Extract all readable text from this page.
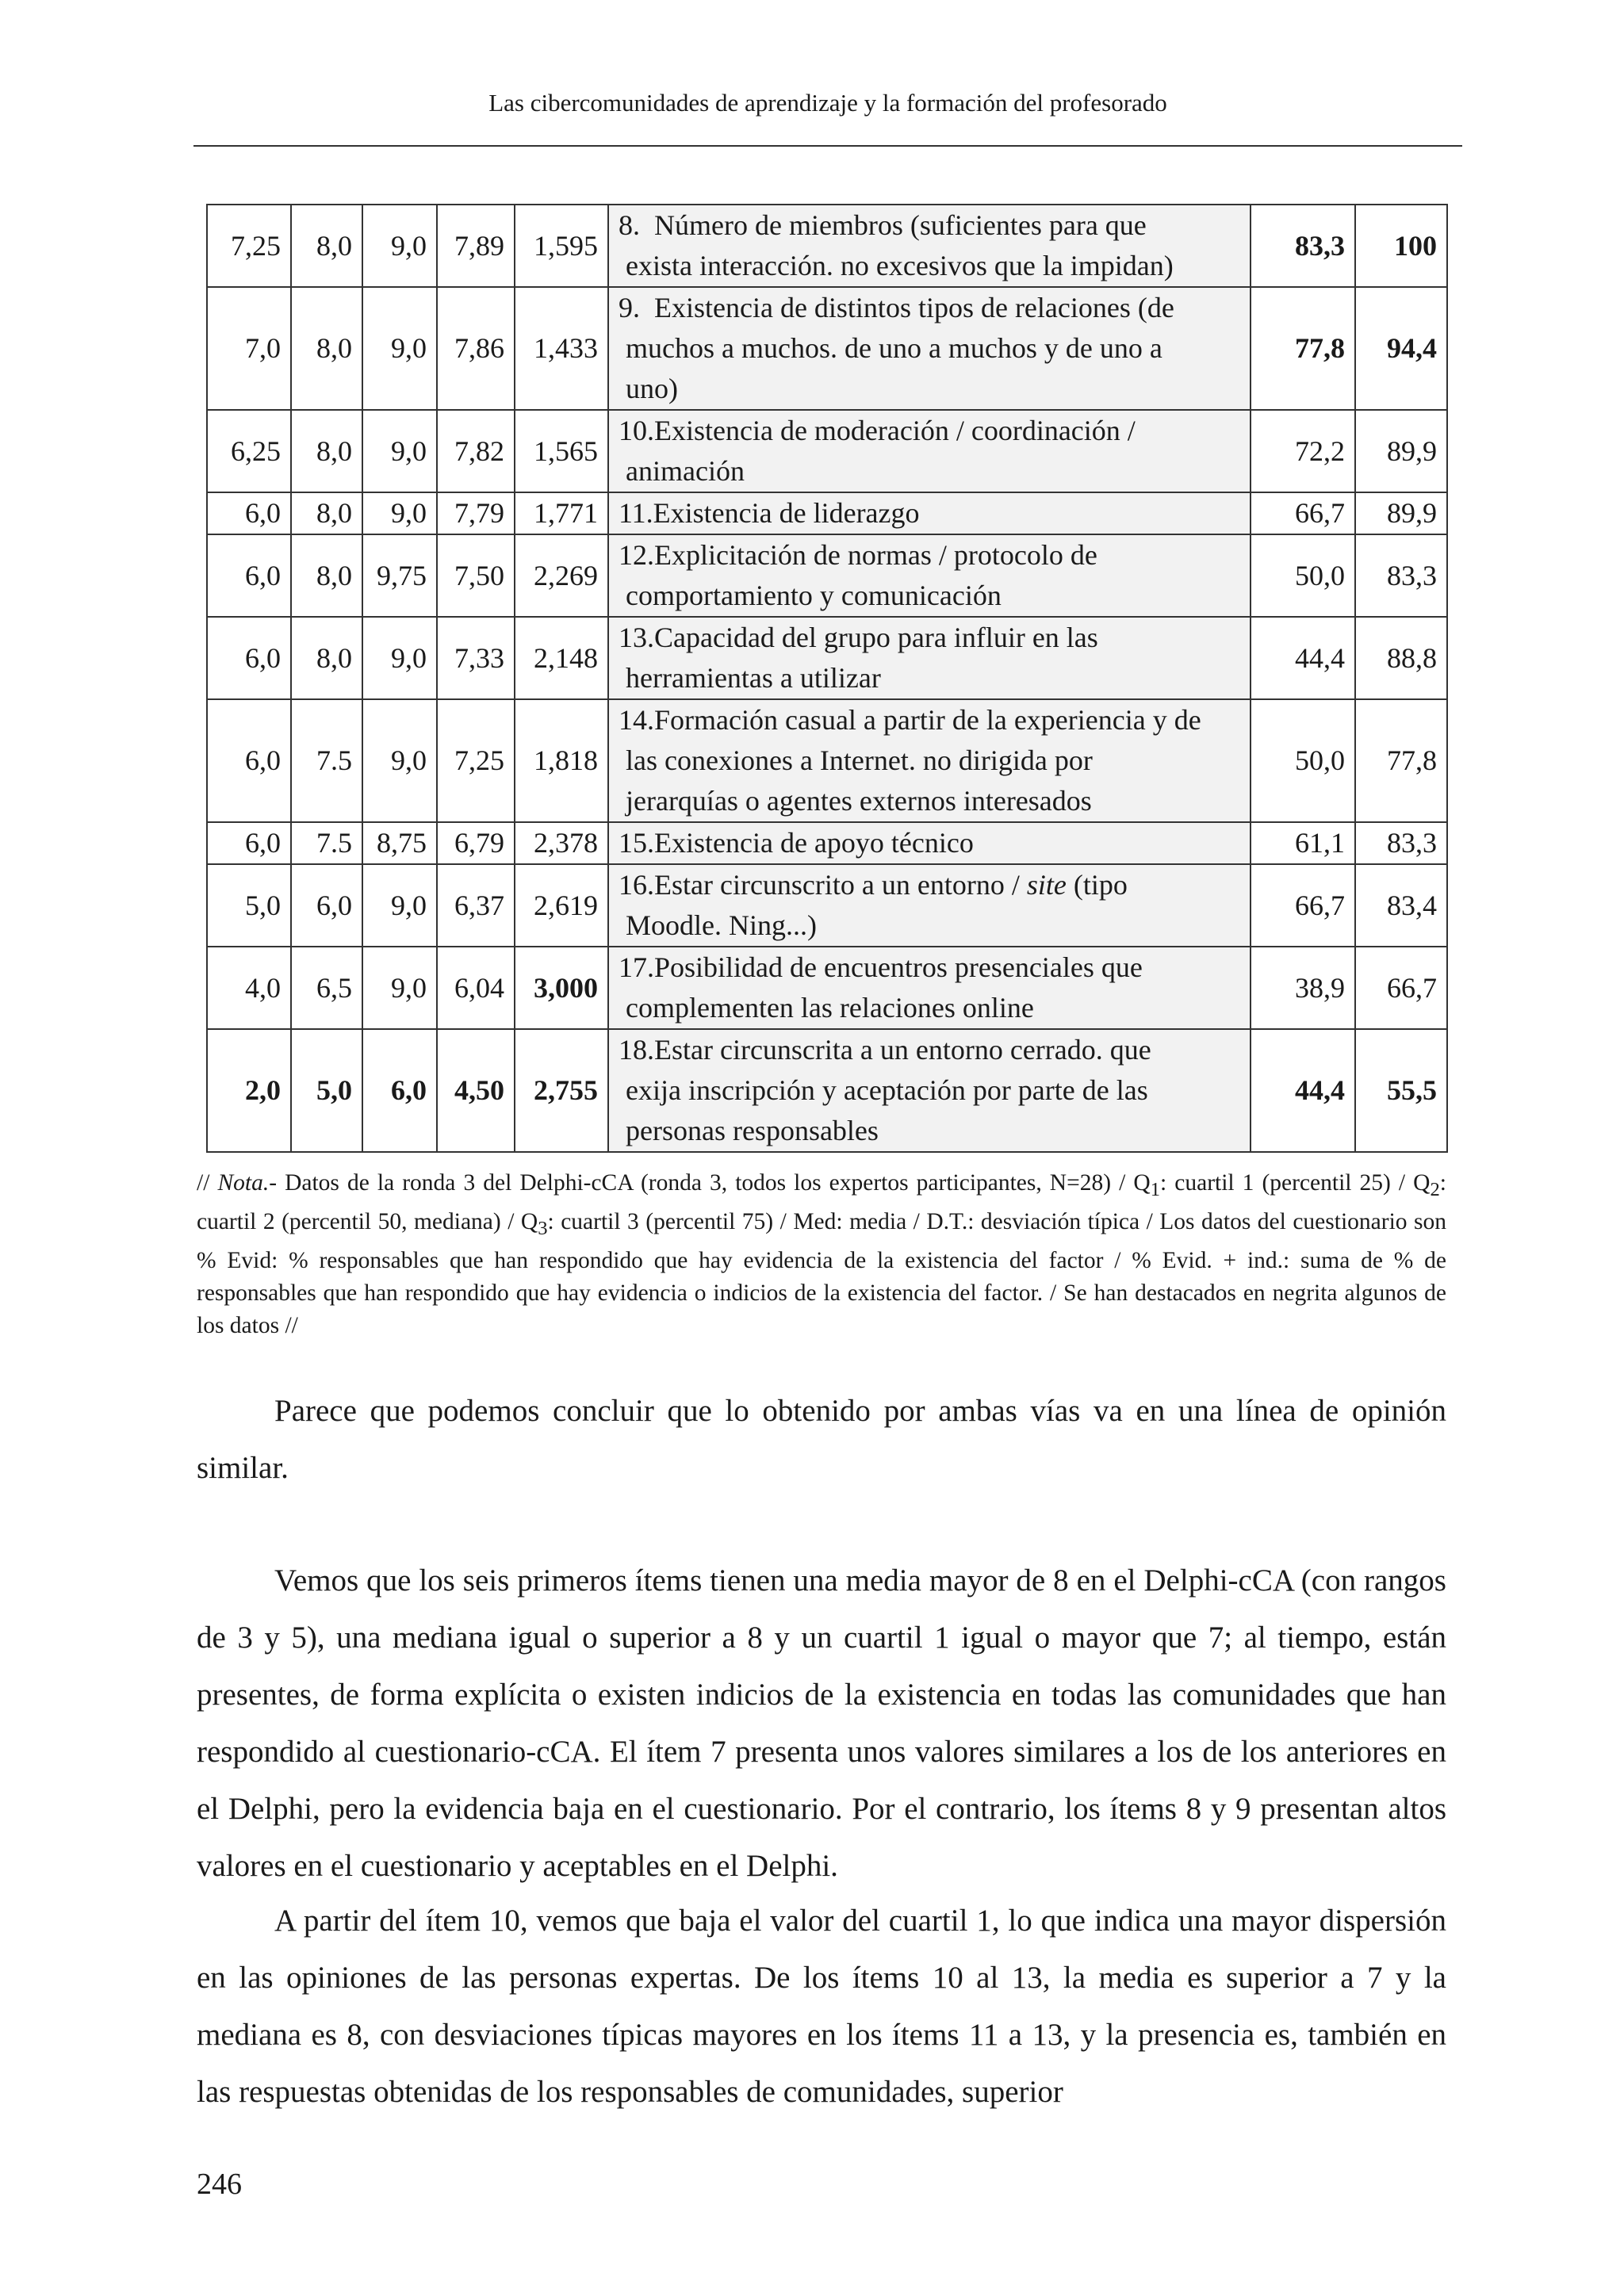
Las cibercomunidades de aprendizaje y la formación del profesorado
7,25	8,0	9,0	7,89	1,595	8.  Número de miembros (suficientes para que
exista interacción. no excesivos que la impidan)	83,3	100
7,0	8,0	9,0	7,86	1,433	9.  Existencia de distintos tipos de relaciones (de
muchos a muchos. de uno a muchos y de uno a
uno)	77,8	94,4
6,25	8,0	9,0	7,82	1,565	10.Existencia de moderación / coordinación /
animación	72,2	89,9
6,0	8,0	9,0	7,79	1,771	11.Existencia de liderazgo	66,7	89,9
6,0	8,0	9,75	7,50	2,269	12.Explicitación de normas / protocolo de
comportamiento y comunicación	50,0	83,3
6,0	8,0	9,0	7,33	2,148	13.Capacidad del grupo para influir en las
herramientas a utilizar	44,4	88,8
6,0	7.5	9,0	7,25	1,818	14.Formación casual a partir de la experiencia y de
las conexiones a Internet. no dirigida por
jerarquías o agentes externos interesados	50,0	77,8
6,0	7.5	8,75	6,79	2,378	15.Existencia de apoyo técnico	61,1	83,3
5,0	6,0	9,0	6,37	2,619	16.Estar circunscrito a un entorno / site (tipo
Moodle. Ning...)	66,7	83,4
4,0	6,5	9,0	6,04	3,000	17.Posibilidad de encuentros presenciales que
complementen las relaciones online	38,9	66,7
2,0	5,0	6,0	4,50	2,755	18.Estar circunscrita a un entorno cerrado. que
exija inscripción y aceptación por parte de las
personas responsables	44,4	55,5
// Nota.- Datos de la ronda 3 del Delphi-cCA (ronda 3, todos los expertos participantes, $N=28) / Q_1$: cuartil 1 (percentil $25) / Q_2$: cuartil 2 (percentil 50, mediana) / $Q_3$: cuartil 3 (percentil 75) / Med: media / D.T.: desviación típica / Los datos del cuestionario son % Evid: % responsables que han respondido que hay evidencia de la existencia del factor / % Evid. + ind.: suma de % de responsables que han respondido que hay evidencia o indicios de la existencia del factor. / Se han destacados en negrita algunos de los datos //

Parece que podemos concluir que lo obtenido por ambas vías va en una línea de opinión similar.

Vemos que los seis primeros ítems tienen una media mayor de 8 en el Delphi-cCA (con rangos de 3 y 5), una mediana igual o superior a 8 y un cuartil 1 igual o mayor que 7; al tiempo, están presentes, de forma explícita o existen indicios de la existencia en todas las comunidades que han respondido al cuestionario-cCA. El ítem 7 presenta unos valores similares a los de los anteriores en el Delphi, pero la evidencia baja en el cuestionario. Por el contrario, los ítems 8 y 9 presentan altos valores en el cuestionario y aceptables en el Delphi.

A partir del ítem 10, vemos que baja el valor del cuartil 1, lo que indica una mayor dispersión en las opiniones de las personas expertas. De los ítems 10 al 13, la media es superior a 7 y la mediana es 8, con desviaciones típicas mayores en los ítems 11 a 13, y la presencia es, también en las respuestas obtenidas de los responsables de comunidades, superior

246
